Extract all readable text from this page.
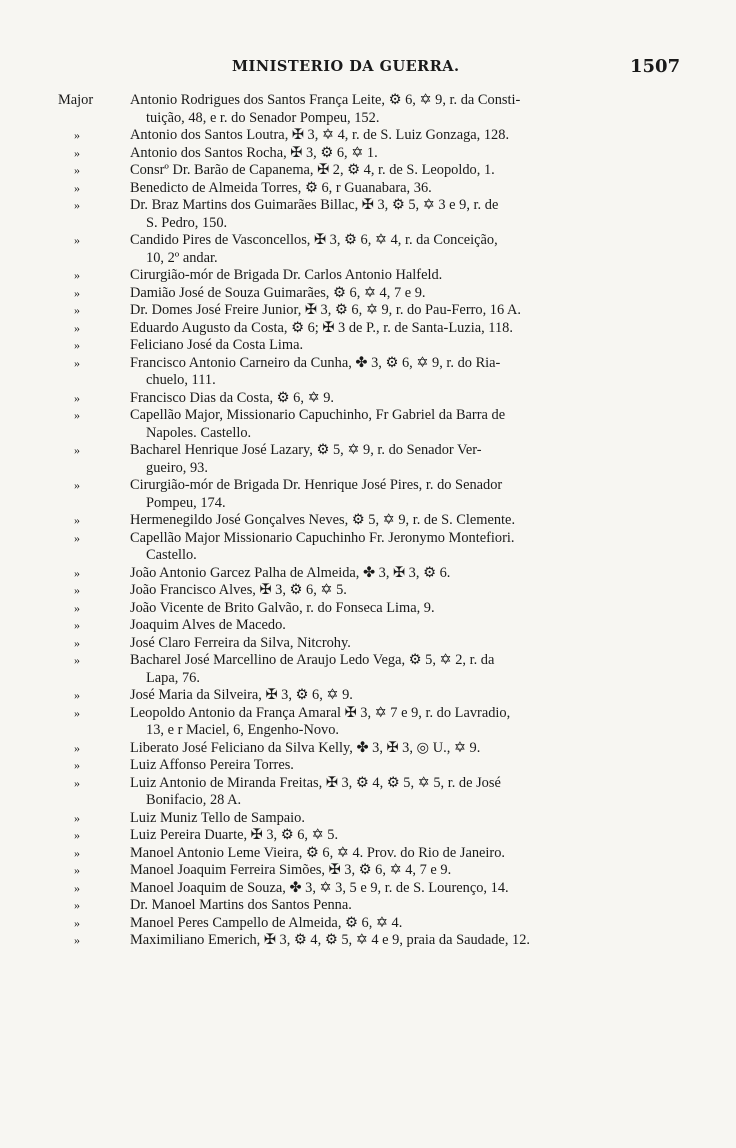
MINISTERIO DA GUERRA.	1507
Major	Antonio Rodrigues dos Santos França Leite, ⚙ 6, ✡ 9, r. da Consti-
tuição, 48, e r. do Senador Pompeu, 152.
»	Antonio dos Santos Loutra, ✠ 3, ✡ 4, r. de S. Luiz Gonzaga, 128.
»	Antonio dos Santos Rocha, ✠ 3, ⚙ 6, ✡ 1.
»	Consrº Dr. Barão de Capanema, ✠ 2, ⚙ 4, r. de S. Leopoldo, 1.
»	Benedicto de Almeida Torres, ⚙ 6, r Guanabara, 36.
»	Dr. Braz Martins dos Guimarães Billac, ✠ 3, ⚙ 5, ✡ 3 e 9, r. de
S. Pedro, 150.
»	Candido Pires de Vasconcellos, ✠ 3, ⚙ 6, ✡ 4, r. da Conceição,
10, 2º andar.
»	Cirurgião-mór de Brigada Dr. Carlos Antonio Halfeld.
»	Damião José de Souza Guimarães, ⚙ 6, ✡ 4, 7 e 9.
»	Dr. Domes José Freire Junior, ✠ 3, ⚙ 6, ✡ 9, r. do Pau-Ferro, 16 A.
»	Eduardo Augusto da Costa, ⚙ 6; ✠ 3 de P., r. de Santa-Luzia, 118.
»	Feliciano José da Costa Lima.
»	Francisco Antonio Carneiro da Cunha, ✤ 3, ⚙ 6, ✡ 9, r. do Ria-
chuelo, 111.
»	Francisco Dias da Costa, ⚙ 6, ✡ 9.
»	Capellão Major, Missionario Capuchinho, Fr Gabriel da Barra de
Napoles. Castello.
»	Bacharel Henrique José Lazary, ⚙ 5, ✡ 9, r. do Senador Ver-
gueiro, 93.
»	Cirurgião-mór de Brigada Dr. Henrique José Pires, r. do Senador
Pompeu, 174.
»	Hermenegildo José Gonçalves Neves, ⚙ 5, ✡ 9, r. de S. Clemente.
»	Capellão Major Missionario Capuchinho Fr. Jeronymo Montefiori.
Castello.
»	João Antonio Garcez Palha de Almeida, ✤ 3, ✠ 3, ⚙ 6.
»	João Francisco Alves, ✠ 3, ⚙ 6, ✡ 5.
»	João Vicente de Brito Galvão, r. do Fonseca Lima, 9.
»	Joaquim Alves de Macedo.
»	José Claro Ferreira da Silva, Nitcrohy.
»	Bacharel José Marcellino de Araujo Ledo Vega, ⚙ 5, ✡ 2, r. da
Lapa, 76.
»	José Maria da Silveira, ✠ 3, ⚙ 6, ✡ 9.
»	Leopoldo Antonio da França Amaral ✠ 3, ✡ 7 e 9, r. do Lavradio,
13, e r Maciel, 6, Engenho-Novo.
»	Liberato José Feliciano da Silva Kelly, ✤ 3, ✠ 3, ◎ U., ✡ 9.
»	Luiz Affonso Pereira Torres.
»	Luiz Antonio de Miranda Freitas, ✠ 3, ⚙ 4, ⚙ 5, ✡ 5, r. de José
Bonifacio, 28 A.
»	Luiz Muniz Tello de Sampaio.
»	Luiz Pereira Duarte, ✠ 3, ⚙ 6, ✡ 5.
»	Manoel Antonio Leme Vieira, ⚙ 6, ✡ 4. Prov. do Rio de Janeiro.
»	Manoel Joaquim Ferreira Simões, ✠ 3, ⚙ 6, ✡ 4, 7 e 9.
»	Manoel Joaquim de Souza, ✤ 3, ✡ 3, 5 e 9, r. de S. Lourenço, 14.
»	Dr. Manoel Martins dos Santos Penna.
»	Manoel Peres Campello de Almeida, ⚙ 6, ✡ 4.
»	Maximiliano Emerich, ✠ 3, ⚙ 4, ⚙ 5, ✡ 4 e 9, praia da Saudade, 12.
